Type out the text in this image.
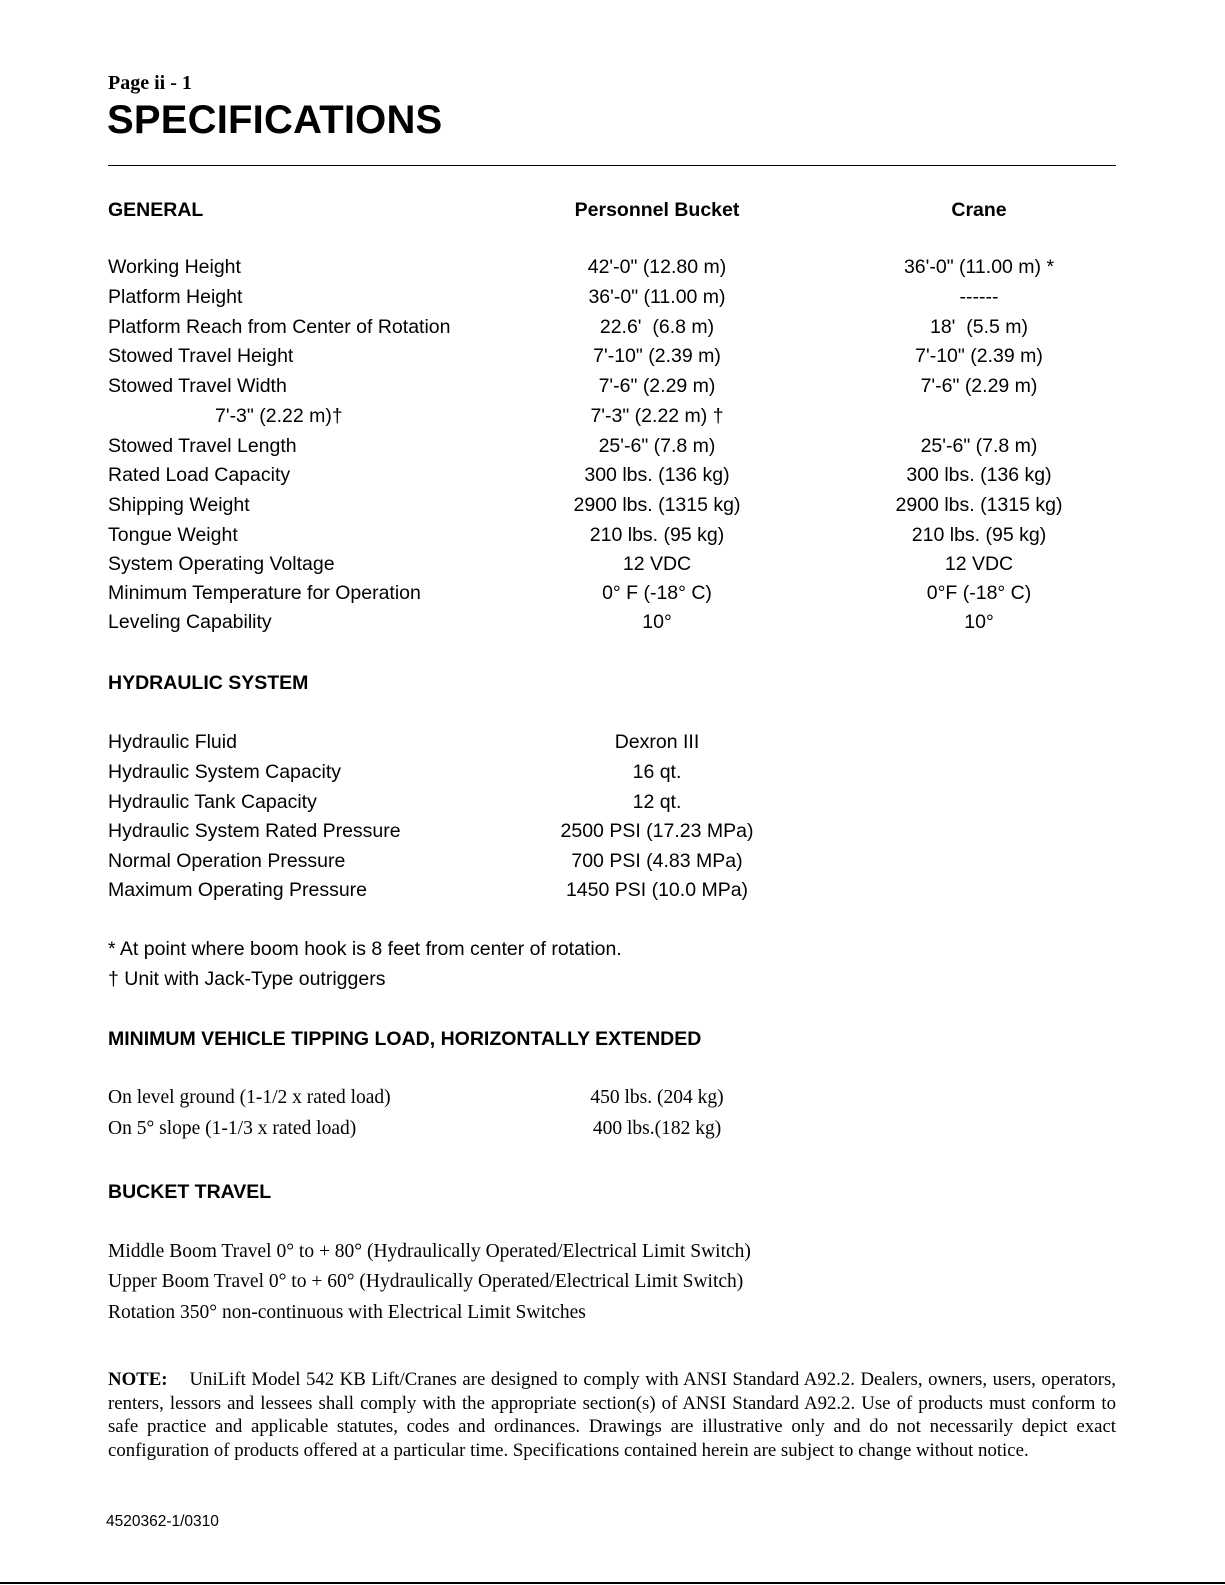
Page ii - 1
SPECIFICATIONS
GENERAL	Personnel Bucket	Crane
Working Height	42'-0" (12.80 m)	36'-0" (11.00 m) *
Platform Height	36'-0" (11.00 m)	------
Platform Reach from Center of Rotation	22.6'  (6.8 m)	18'  (5.5 m)
Stowed Travel Height	7'-10" (2.39 m)	7'-10" (2.39 m)
Stowed Travel Width	7'-6" (2.29 m)	7'-6" (2.29 m)
7'-3" (2.22 m)†	7'-3" (2.22 m) †
Stowed Travel Length	25'-6" (7.8 m)	25'-6" (7.8 m)
Rated Load Capacity	300 lbs. (136 kg)	300 lbs. (136 kg)
Shipping Weight	2900 lbs. (1315 kg)	2900 lbs. (1315 kg)
Tongue Weight	210 lbs. (95 kg)	210 lbs. (95 kg)
System Operating Voltage	12 VDC	12 VDC
Minimum Temperature for Operation	0° F (-18° C)	0°F (-18° C)
Leveling Capability	10°	10°
HYDRAULIC SYSTEM
Hydraulic Fluid	Dexron III
Hydraulic System Capacity	16 qt.
Hydraulic Tank Capacity	12 qt.
Hydraulic System Rated Pressure	2500 PSI (17.23 MPa)
Normal Operation Pressure	700 PSI (4.83 MPa)
Maximum Operating Pressure	1450 PSI (10.0 MPa)
* At point where boom hook is 8 feet from center of rotation.
† Unit with Jack-Type outriggers
MINIMUM VEHICLE TIPPING LOAD, HORIZONTALLY EXTENDED
On level ground (1-1/2 x rated load)	450 lbs. (204 kg)
On 5° slope (1-1/3 x rated load)	400 lbs.(182 kg)
BUCKET TRAVEL
Middle Boom Travel 0° to + 80° (Hydraulically Operated/Electrical Limit Switch)
Upper Boom Travel 0° to + 60° (Hydraulically Operated/Electrical Limit Switch)
Rotation 350° non-continuous with Electrical Limit Switches
NOTE: UniLift Model 542 KB Lift/Cranes are designed to comply with ANSI Standard A92.2. Dealers, owners, users, operators, renters, lessors and lessees shall comply with the appropriate section(s) of ANSI Standard A92.2. Use of products must conform to safe practice and applicable statutes, codes and ordinances. Drawings are illustrative only and do not necessarily depict exact configuration of products offered at a particular time. Specifications contained herein are subject to change without notice.
4520362-1/0310
